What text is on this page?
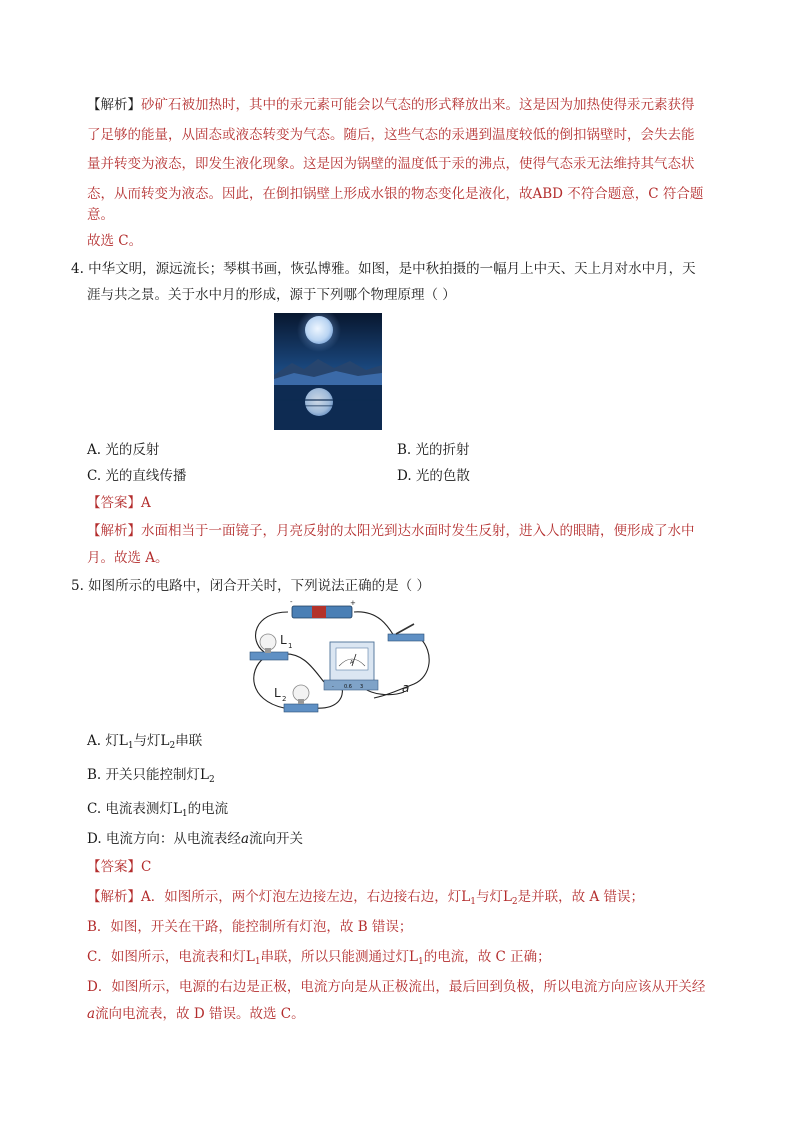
【解析】砂矿石被加热时，其中的汞元素可能会以气态的形式释放出来。这是因为加热使得汞元素获得
了足够的能量，从固态或液态转变为气态。随后，这些气态的汞遇到温度较低的倒扣锅壁时，会失去能
量并转变为液态，即发生液化现象。这是因为锅壁的温度低于汞的沸点，使得气态汞无法维持其气态状
态，从而转变为液态。因此，在倒扣锅壁上形成水银的物态变化是液化，故ABD 不符合题意，C 符合题
意。
故选 C。
4. 中华文明，源远流长；琴棋书画，恢弘博雅。如图，是中秋拍摄的一幅月上中天、天上月对水中月，天
涯与共之景。关于水中月的形成，源于下列哪个物理原理（ ）
A. 光的反射	B. 光的折射
C. 光的直线传播	D. 光的色散
【答案】A
【解析】水面相当于一面镜子，月亮反射的太阳光到达水面时发生反射，进入人的眼睛，便形成了水中
月。故选 A。
5. 如图所示的电路中，闭合开关时，下列说法正确的是（ ）
-	+
L 1
L 2
A
- 0.6 3	a
A. 灯$L_1$与灯$L_2$串联
B. 开关只能控制灯$L_2$
C. 电流表测灯$L_1$的电流
D. 电流方向：从电流表经a流向开关
【答案】C
【解析】A．如图所示，两个灯泡左边接左边，右边接右边，灯$L_1$与灯$L_2$是并联，故 A 错误；
B．如图，开关在干路，能控制所有灯泡，故 B 错误；
C．如图所示，电流表和灯$L_1$串联，所以只能测通过灯$L_1$的电流，故 C 正确；
D．如图所示，电源的右边是正极，电流方向是从正极流出，最后回到负极，所以电流方向应该从开关经
a流向电流表，故 D 错误。故选 C。
